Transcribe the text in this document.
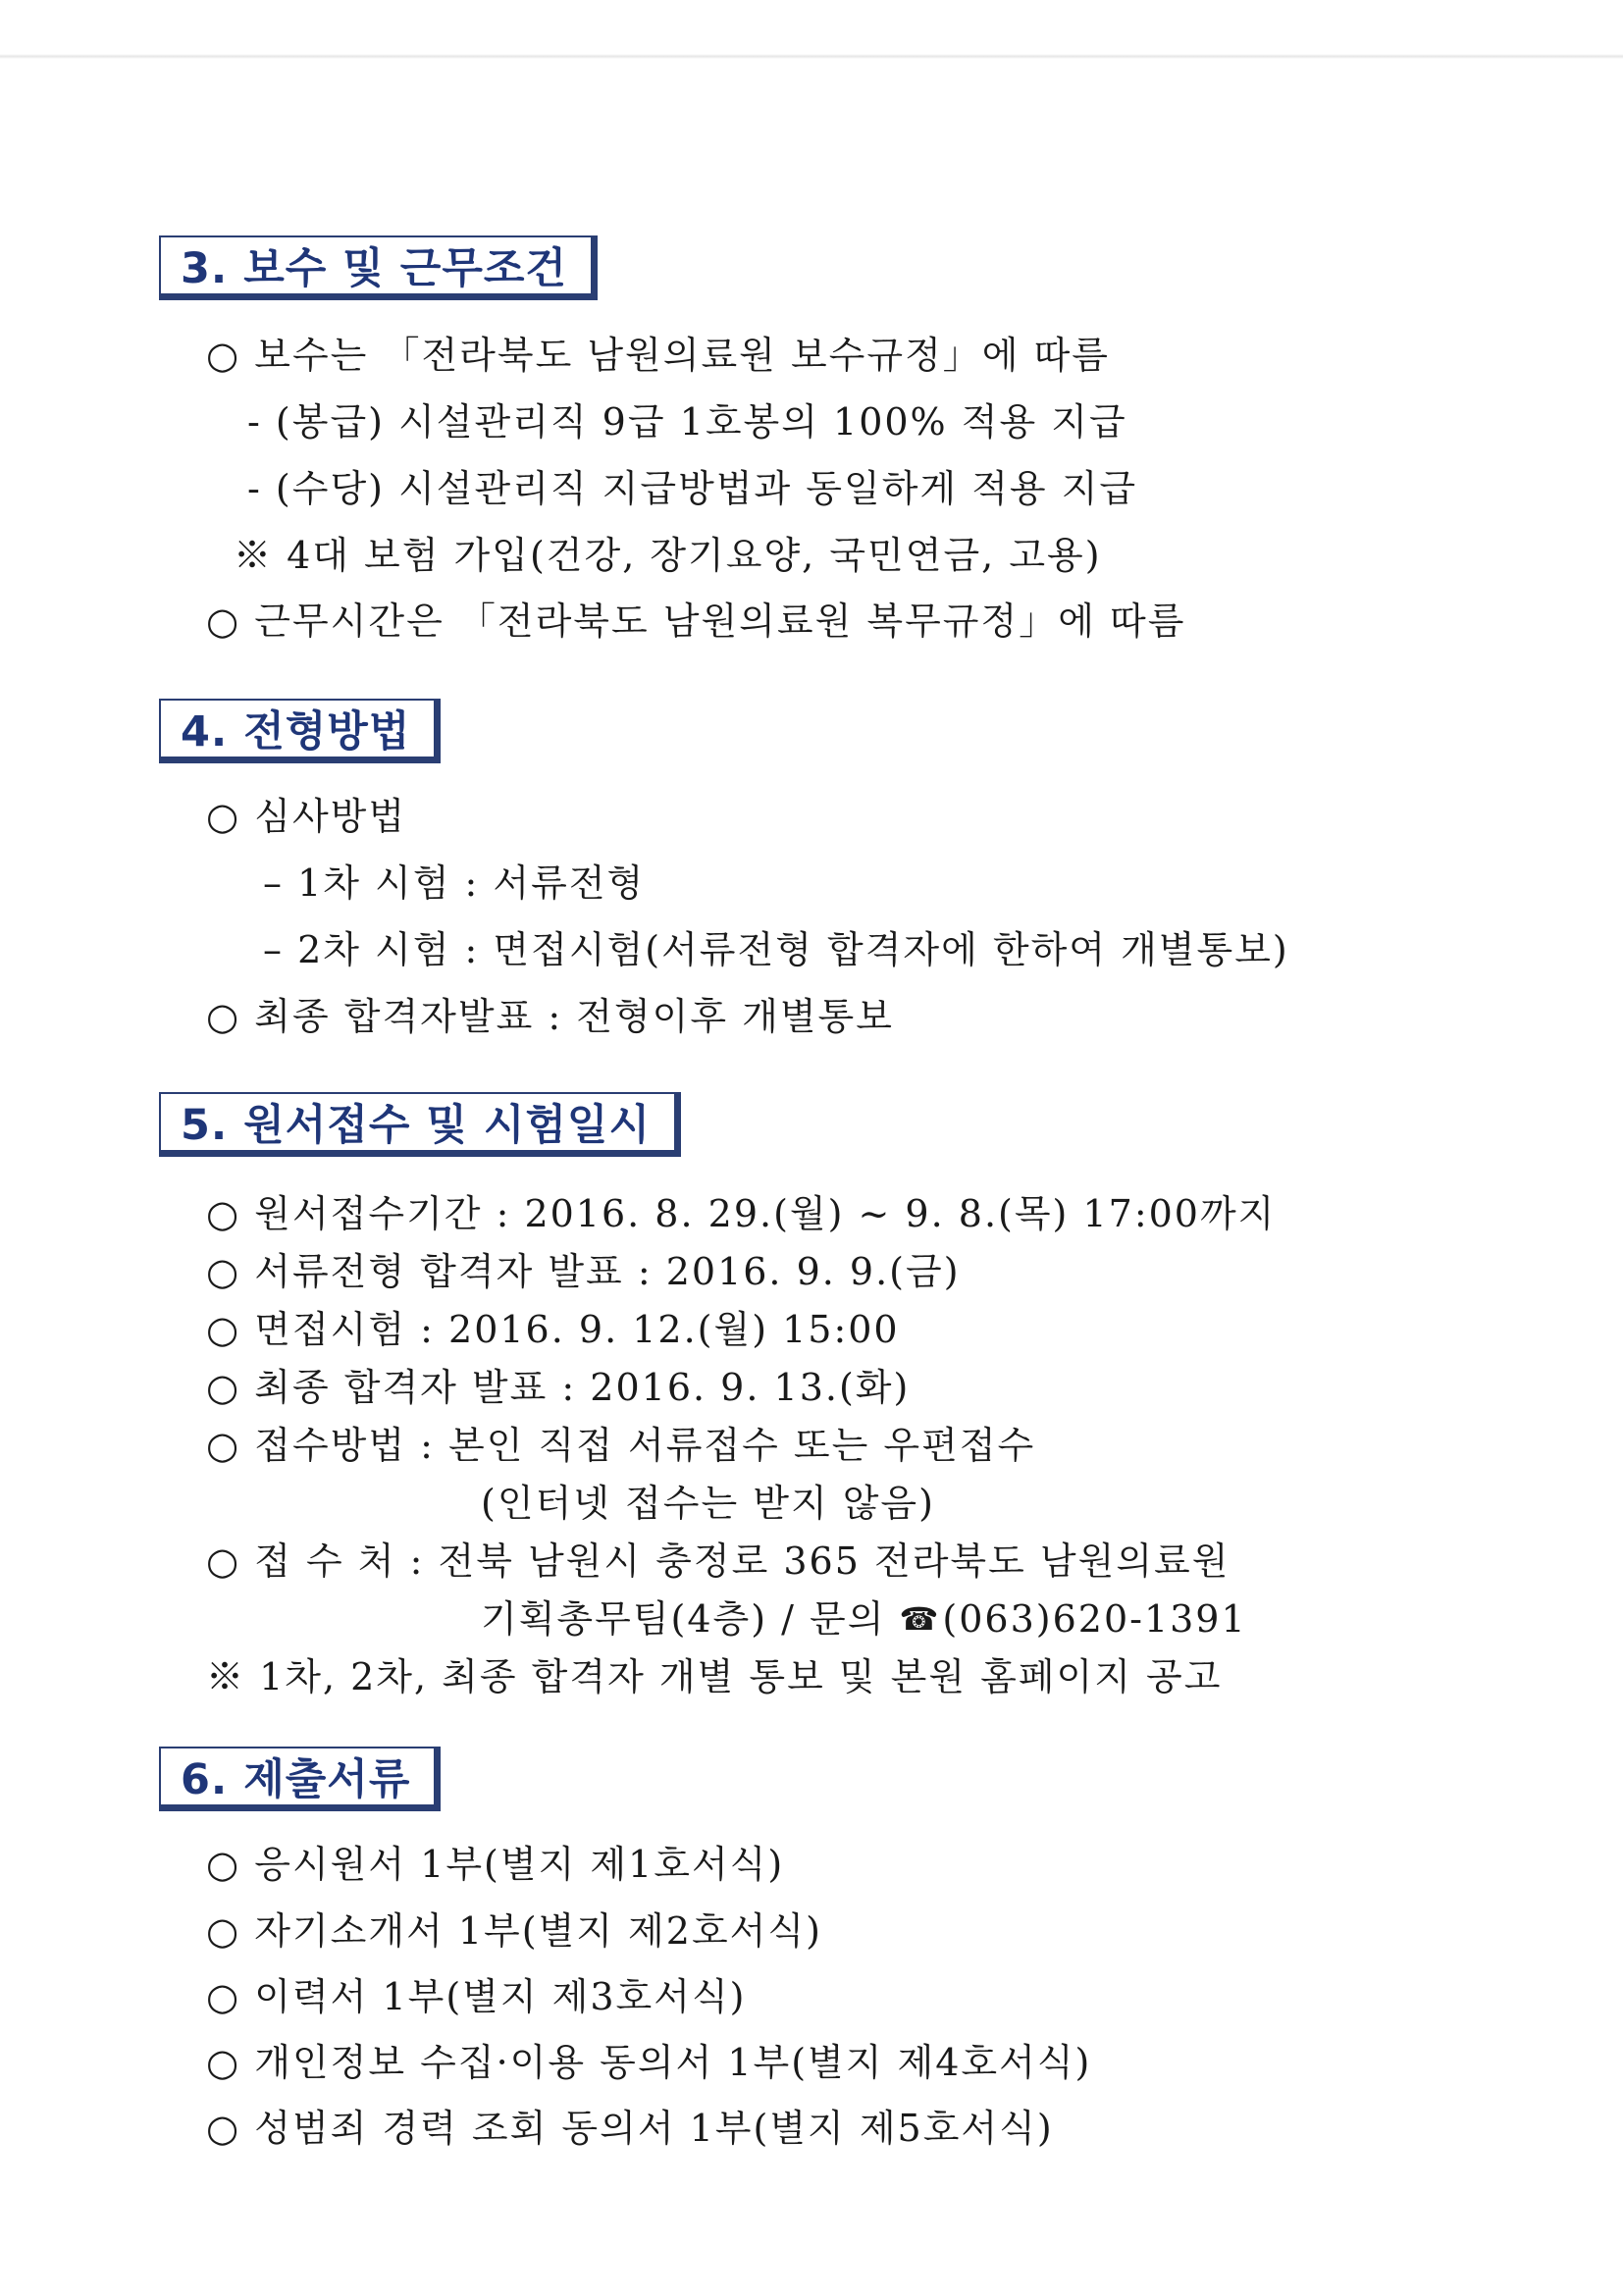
3. 보수 및 근무조건
○ 보수는 「전라북도 남원의료원 보수규정」에 따름
- (봉급) 시설관리직 9급 1호봉의 100% 적용 지급
- (수당) 시설관리직 지급방법과 동일하게 적용 지급
※ 4대 보험 가입(건강, 장기요양, 국민연금, 고용)
○ 근무시간은 「전라북도 남원의료원 복무규정」에 따름
4. 전형방법
○ 심사방법
– 1차 시험 : 서류전형
– 2차 시험 : 면접시험(서류전형 합격자에 한하여 개별통보)
○ 최종 합격자발표 : 전형이후 개별통보
5. 원서접수 및 시험일시
○ 원서접수기간 : 2016. 8. 29.(월) ~ 9. 8.(목) 17:00까지
○ 서류전형 합격자 발표 : 2016. 9. 9.(금)
○ 면접시험 : 2016. 9. 12.(월) 15:00
○ 최종 합격자 발표 : 2016. 9. 13.(화)
○ 접수방법 : 본인 직접 서류접수 또는 우편접수
(인터넷 접수는 받지 않음)
○ 접 수 처 : 전북 남원시 충정로 365 전라북도 남원의료원
기획총무팀(4층) / 문의 ☎(063)620-1391
※ 1차, 2차, 최종 합격자 개별 통보 및 본원 홈페이지 공고
6. 제출서류
○ 응시원서 1부(별지 제1호서식)
○ 자기소개서 1부(별지 제2호서식)
○ 이력서 1부(별지 제3호서식)
○ 개인정보 수집·이용 동의서 1부(별지 제4호서식)
○ 성범죄 경력 조회 동의서 1부(별지 제5호서식)
